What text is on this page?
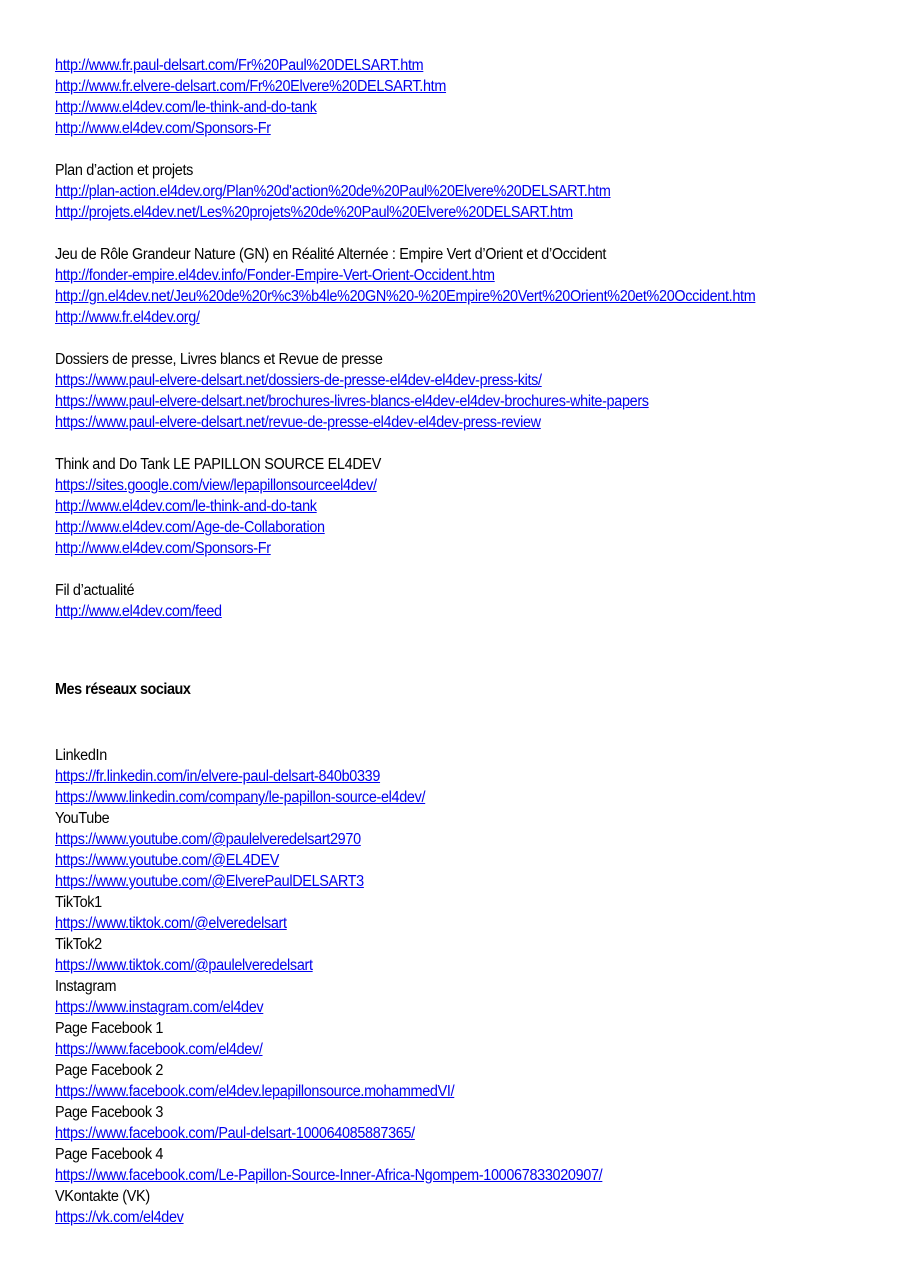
http://www.fr.paul-delsart.com/Fr%20Paul%20DELSART.htm
http://www.fr.elvere-delsart.com/Fr%20Elvere%20DELSART.htm
http://www.el4dev.com/le-think-and-do-tank
http://www.el4dev.com/Sponsors-Fr
Plan d’action et projets
http://plan-action.el4dev.org/Plan%20d'action%20de%20Paul%20Elvere%20DELSART.htm
http://projets.el4dev.net/Les%20projets%20de%20Paul%20Elvere%20DELSART.htm
Jeu de Rôle Grandeur Nature (GN) en Réalité Alternée : Empire Vert d’Orient et d’Occident
http://fonder-empire.el4dev.info/Fonder-Empire-Vert-Orient-Occident.htm
http://gn.el4dev.net/Jeu%20de%20r%c3%b4le%20GN%20-%20Empire%20Vert%20Orient%20et%20Occident.htm
http://www.fr.el4dev.org/
Dossiers de presse, Livres blancs et Revue de presse
https://www.paul-elvere-delsart.net/dossiers-de-presse-el4dev-el4dev-press-kits/
https://www.paul-elvere-delsart.net/brochures-livres-blancs-el4dev-el4dev-brochures-white-papers
https://www.paul-elvere-delsart.net/revue-de-presse-el4dev-el4dev-press-review
Think and Do Tank LE PAPILLON SOURCE EL4DEV
https://sites.google.com/view/lepapillonsourceel4dev/
http://www.el4dev.com/le-think-and-do-tank
http://www.el4dev.com/Age-de-Collaboration
http://www.el4dev.com/Sponsors-Fr
Fil d’actualité
http://www.el4dev.com/feed
Mes réseaux sociaux
LinkedIn
https://fr.linkedin.com/in/elvere-paul-delsart-840b0339
https://www.linkedin.com/company/le-papillon-source-el4dev/
YouTube
https://www.youtube.com/@paulelveredelsart2970
https://www.youtube.com/@EL4DEV
https://www.youtube.com/@ElverePaulDELSART3
TikTok1
https://www.tiktok.com/@elveredelsart
TikTok2
https://www.tiktok.com/@paulelveredelsart
Instagram
https://www.instagram.com/el4dev
Page Facebook 1
https://www.facebook.com/el4dev/
Page Facebook 2
https://www.facebook.com/el4dev.lepapillonsource.mohammedVI/
Page Facebook 3
https://www.facebook.com/Paul-delsart-100064085887365/
Page Facebook 4
https://www.facebook.com/Le-Papillon-Source-Inner-Africa-Ngompem-100067833020907/
VKontakte (VK)
https://vk.com/el4dev
